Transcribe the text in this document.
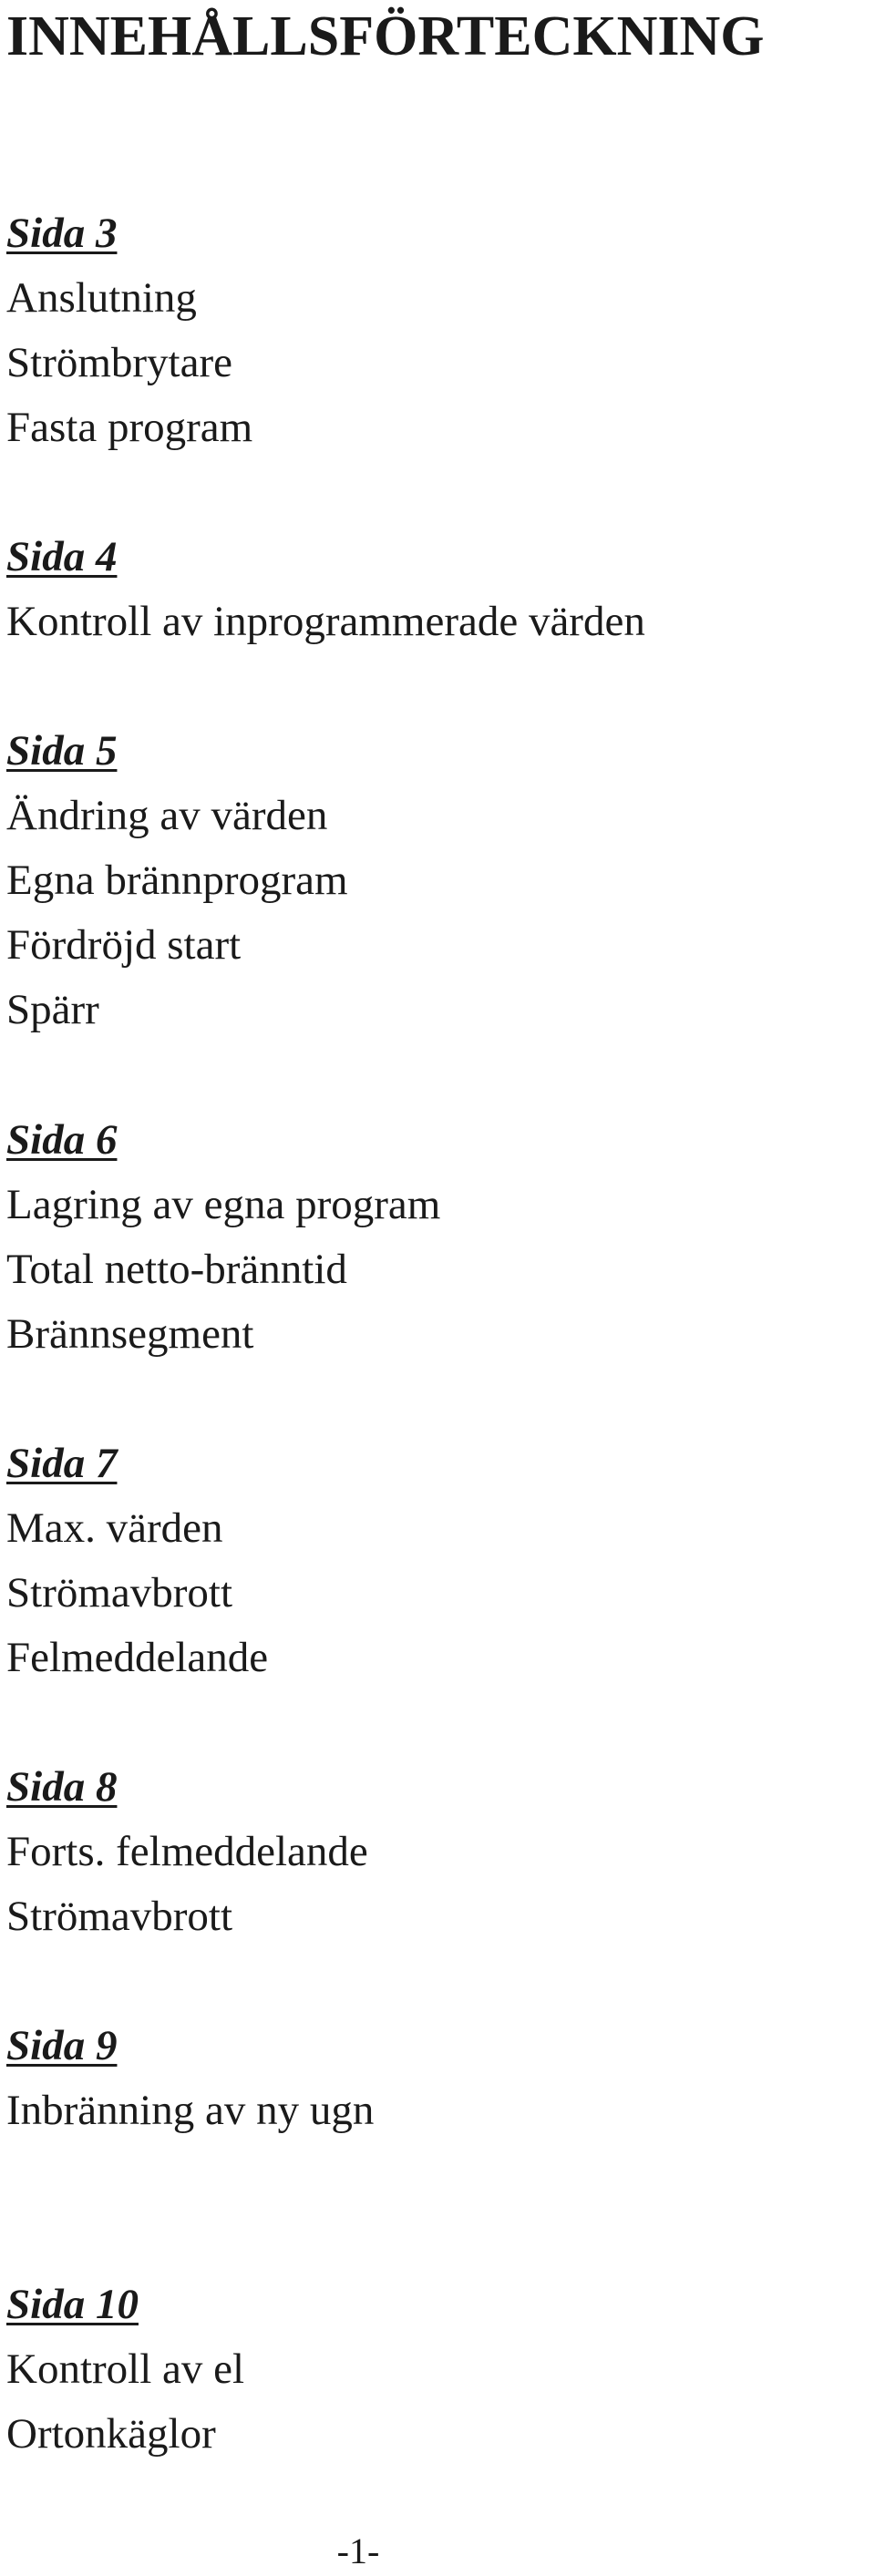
INNEHÅLLSFÖRTECKNING
Sida 3
Anslutning
Strömbrytare
Fasta program
Sida 4
Kontroll av inprogrammerade värden
Sida 5
Ändring av värden
Egna brännprogram
Fördröjd start
Spärr
Sida 6
Lagring av egna program
Total netto-bränntid
Brännsegment
Sida 7
Max. värden
Strömavbrott
Felmeddelande
Sida 8
Forts. felmeddelande
Strömavbrott
Sida 9
Inbränning av ny ugn
Sida 10
Kontroll av el
Ortonkäglor
-1-
